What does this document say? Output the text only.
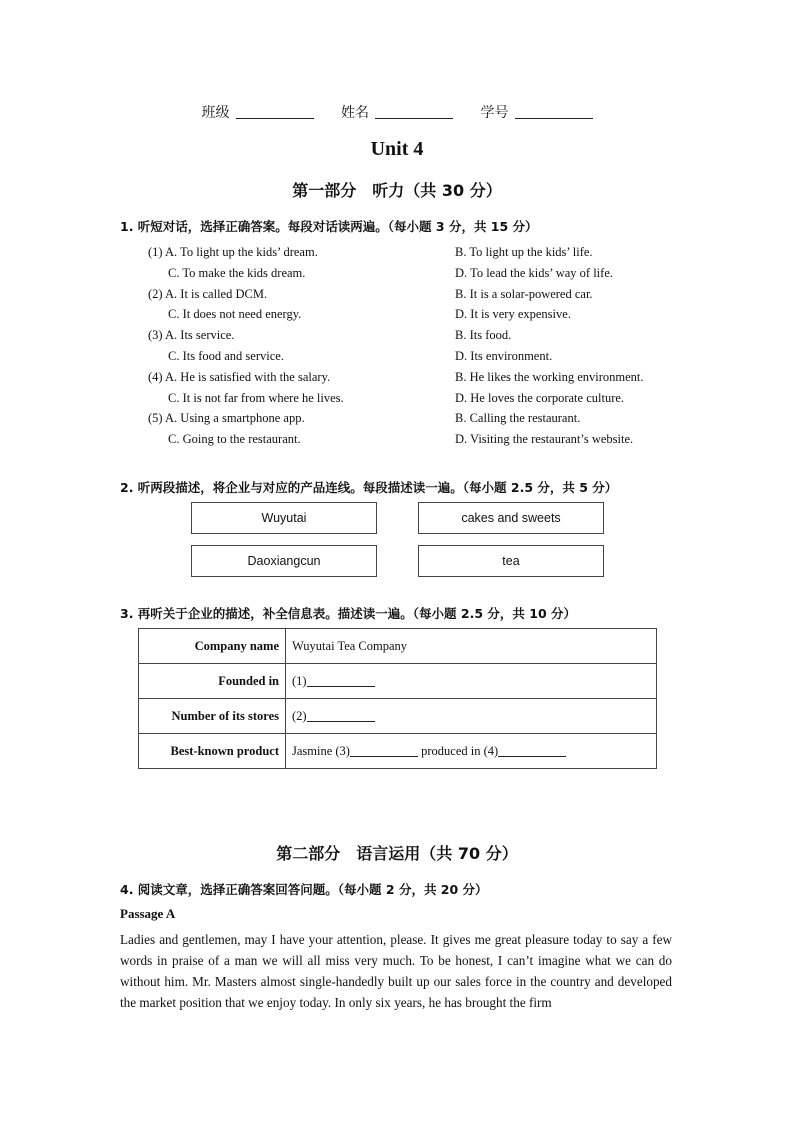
班级	姓名	学号
Unit 4
第一部分　听力（共 30 分）
1. 听短对话，选择正确答案。每段对话读两遍。（每小题 3 分，共 15 分）
(1) A. To light up the kids’ dream.	B. To light up the kids’ life.
C. To make the kids dream.	D. To lead the kids’ way of life.
(2) A. It is called DCM.	B. It is a solar-powered car.
C. It does not need energy.	D. It is very expensive.
(3) A. Its service.	B. Its food.
C. Its food and service.	D. Its environment.
(4) A. He is satisfied with the salary.	B. He likes the working environment.
C. It is not far from where he lives.	D. He loves the corporate culture.
(5) A. Using a smartphone app.	B. Calling the restaurant.
C. Going to the restaurant.	D. Visiting the restaurant’s website.
2. 听两段描述，将企业与对应的产品连线。每段描述读一遍。（每小题 2.5 分，共 5 分）
Wuyutai	cakes and sweets
Daoxiangcun	tea
3. 再听关于企业的描述，补全信息表。描述读一遍。（每小题 2.5 分，共 10 分）
Company name	Wuyutai Tea Company
Founded in	(1)
Number of its stores	(2)
Best-known product	Jasmine (3) produced in (4)
第二部分　语言运用（共 70 分）
4. 阅读文章，选择正确答案回答问题。（每小题 2 分，共 20 分）
Passage A
Ladies and gentlemen, may I have your attention, please. It gives me great pleasure today to say a few words in praise of a man we will all miss very much. To be honest, I can’t imagine what we can do without him. Mr. Masters almost single-handedly built up our sales force in the country and developed the market position that we enjoy today. In only six years, he has brought the firm
